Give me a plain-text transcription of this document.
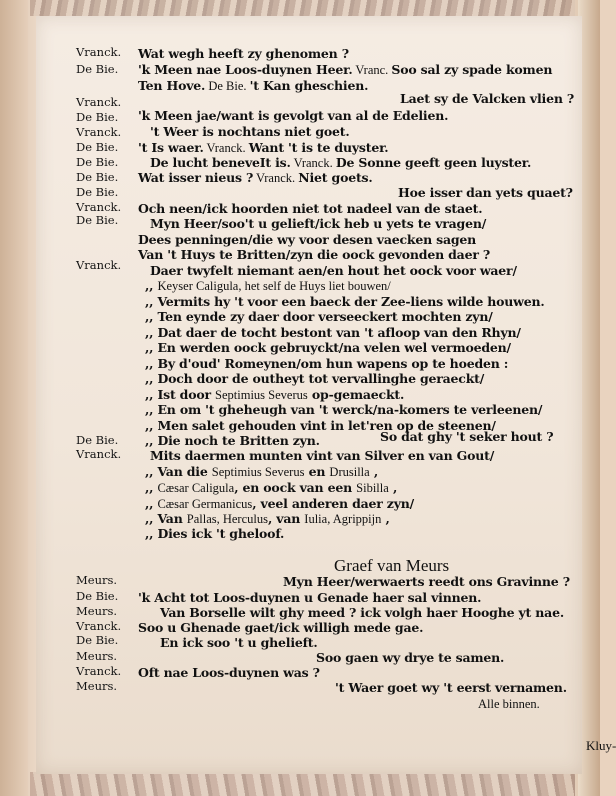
Vranck.
De Bie.
Vranck.
De Bie.
Vranck.
De Bie.
De Bie.
De Bie.
De Bie.
Vranck.
De Bie.
Vranck.
De Bie.
Vranck.
Meurs.
De Bie.
Meurs.
Vranck.
De Bie.
Meurs.
Vranck.
Meurs.
Wat wegh heeft zy ghenomen ?
'k Meen nae Loos-duynen Heer. Vranc. Soo sal zy spade komen
Ten Hove. De Bie. 't Kan gheschien.
Laet sy de Valcken vlien ?
'k Meen jae/want is gevolgt van al de Edelien.
't Weer is nochtans niet goet.
't Is waer. Vranck. Want 't is te duyster.
De lucht beneveIt is. Vranck. De Sonne geeft geen luyster.
Wat isser nieus ? Vranck. Niet goets.
Hoe isser dan yets quaet?
Och neen/ick hoorden niet tot nadeel van de staet.
Myn Heer/soo't u gelieft/ick heb u yets te vragen/
Dees penningen/die wy voor desen vaecken sagen
Van 't Huys te Britten/zyn die oock gevonden daer ?
Daer twyfelt niemant aen/en hout het oock voor waer/
,, Keyser Caligula, het self de Huys liet bouwen/
,, Vermits hy 't voor een baeck der Zee-liens wilde houwen.
,, Ten eynde zy daer door verseeckert mochten zyn/
,, Dat daer de tocht bestont van 't afloop van den Rhyn/
,, En werden oock gebruyckt/na velen wel vermoeden/
,, By d'oud' Romeynen/om hun wapens op te hoeden :
,, Doch door de outheyt tot vervallinghe geraeckt/
,, Ist door Septimius Severus op-gemaeckt.
,, En om 't gheheugh van 't werck/na-komers te verleenen/
,, Men salet gehouden vint in let'ren op de steenen/
,, Die noch te Britten zyn.	So dat ghy 't seker hout ?
Mits daermen munten vint van Silver en van Gout/
,, Van die Septimius Severus en Drusilla ,
,, Cæsar Caligula, en oock van een Sibilla ,
,, Cæsar Germanicus, veel anderen daer zyn/
,, Van Pallas, Herculus, van Iulia, Agrippijn ,
,, Dies ick 't gheloof.
Myn Heer/werwaerts reedt ons Gravinne ?
'k Acht tot Loos-duynen u Genade haer sal vinnen.
Van Borselle wilt ghy meed ? ick volgh haer Hooghe yt nae.
Soo u Ghenade gaet/ick willigh mede gae.
En ick soo 't u ghelieft.
Soo gaen wy drye te samen.
Oft nae Loos-duynen was ?
't Waer goet wy 't eerst vernamen.
Alle binnen.
Graef van Meurs
Kluy-
